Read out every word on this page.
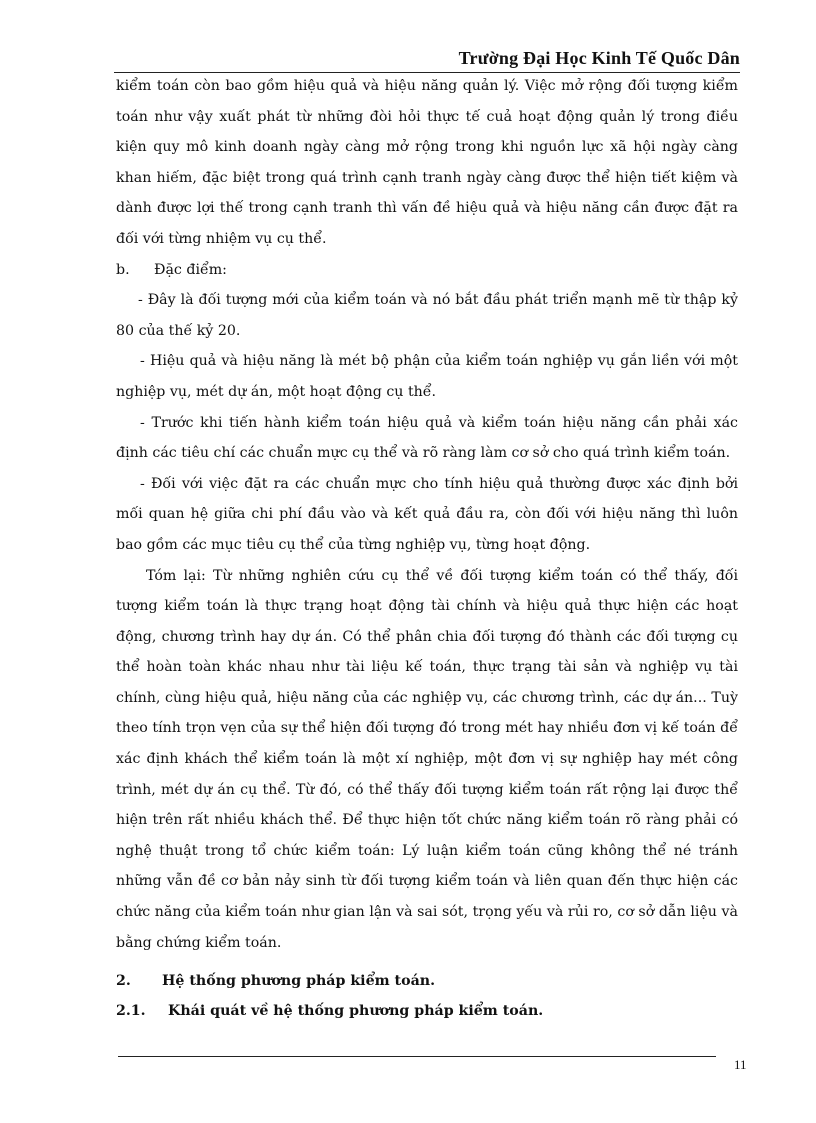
Trường Đại Học Kinh Tế Quốc Dân

kiểm toán còn bao gồm hiệu quả và hiệu năng quản lý. Việc mở rộng đối tượng kiểm toán như vậy xuất phát từ những đòi hỏi thực tế cuả hoạt động quản lý trong điều kiện quy mô kinh doanh ngày càng mở rộng trong khi nguồn lực xã hội ngày càng khan hiếm, đặc biệt trong quá trình cạnh tranh ngày càng được thể hiện tiết kiệm và dành được lợi thế trong cạnh tranh thì vấn đề hiệu quả và hiệu năng cần được đặt ra đối với từng nhiệm vụ cụ thể.

b. Đặc điểm:

- Đây là đối tượng mới của kiểm toán và nó bắt đầu phát triển mạnh mẽ từ thập kỷ 80 của thế kỷ 20.

- Hiệu quả và hiệu năng là mét bộ phận của kiểm toán nghiệp vụ gắn liền với một nghiệp vụ, mét dự án, một hoạt động cụ thể.

- Trước khi tiến hành kiểm toán hiệu quả và kiểm toán hiệu năng cần phải xác định các tiêu chí các chuẩn mực cụ thể và rõ ràng làm cơ sở cho quá trình kiểm toán.

- Đối với việc đặt ra các chuẩn mực cho tính hiệu quả thường được xác định bởi mối quan hệ giữa chi phí đầu vào và kết quả đầu ra, còn đối với hiệu năng thì luôn bao gồm các mục tiêu cụ thể của từng nghiệp vụ, từng hoạt động.

Tóm lại: Từ những nghiên cứu cụ thể về đối tượng kiểm toán có thể thấy, đối tượng kiểm toán là thực trạng hoạt động tài chính và hiệu quả thực hiện các hoạt động, chương trình hay dự án. Có thể phân chia đối tượng đó thành các đối tượng cụ thể hoàn toàn khác nhau như tài liệu kế toán, thực trạng tài sản và nghiệp vụ tài chính, cùng hiệu quả, hiệu năng của các nghiệp vụ, các chương trình, các dự án... Tuỳ theo tính trọn vẹn của sự thể hiện đối tượng đó trong mét hay nhiều đơn vị kế toán để xác định khách thể kiểm toán là một xí nghiệp, một đơn vị sự nghiệp hay mét công trình, mét dự án cụ thể. Từ đó, có thể thấy đối tượng kiểm toán rất rộng lại được thể hiện trên rất nhiều khách thể. Để thực hiện tốt chức năng kiểm toán rõ ràng phải có nghệ thuật trong tổ chức kiểm toán: Lý luận kiểm toán cũng không thể né tránh những vẫn đề cơ bản nảy sinh từ đối tượng kiểm toán và liên quan đến thực hiện các chức năng của kiểm toán như gian lận và sai sót, trọng yếu và rủi ro, cơ sở dẫn liệu và bằng chứng kiểm toán.

2. Hệ thống phương pháp kiểm toán.

2.1. Khái quát về hệ thống phương pháp kiểm toán.

11
